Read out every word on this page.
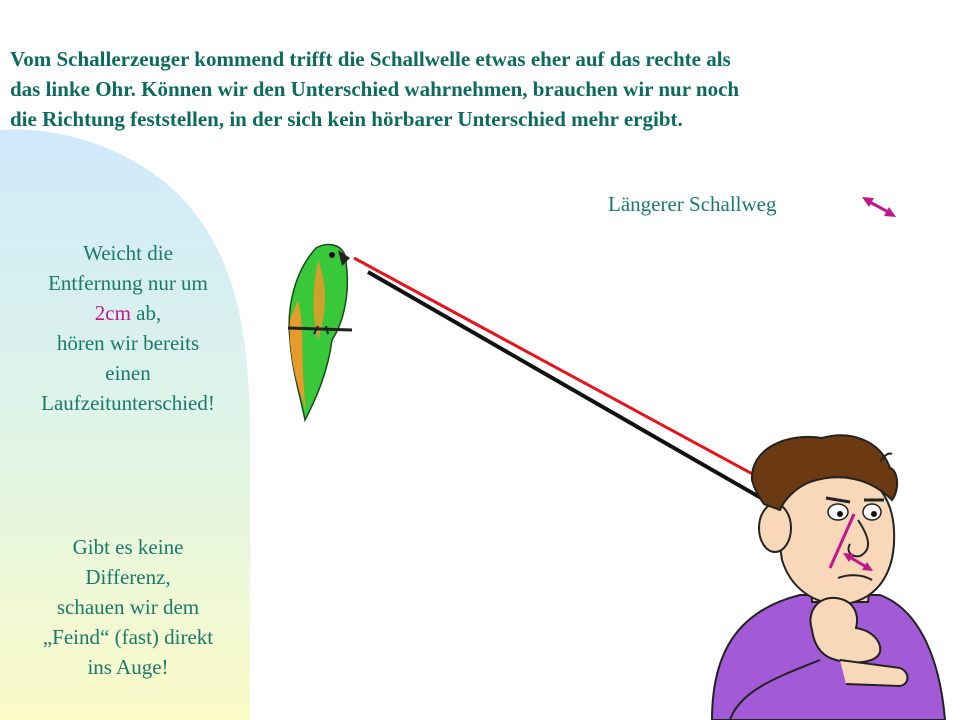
Vom Schallerzeuger kommend trifft die Schallwelle etwas eher auf das rechte als
das linke Ohr. Können wir den Unterschied wahrnehmen, brauchen wir nur noch
die Richtung feststellen, in der sich kein hörbarer Unterschied mehr ergibt.
Weicht die
Entfernung nur um
2cm ab,
hören wir bereits
einen
Laufzeitunterschied!
Gibt es keine
Differenz,
schauen wir dem
„Feind“ (fast) direkt
ins Auge!
Längerer Schallweg
